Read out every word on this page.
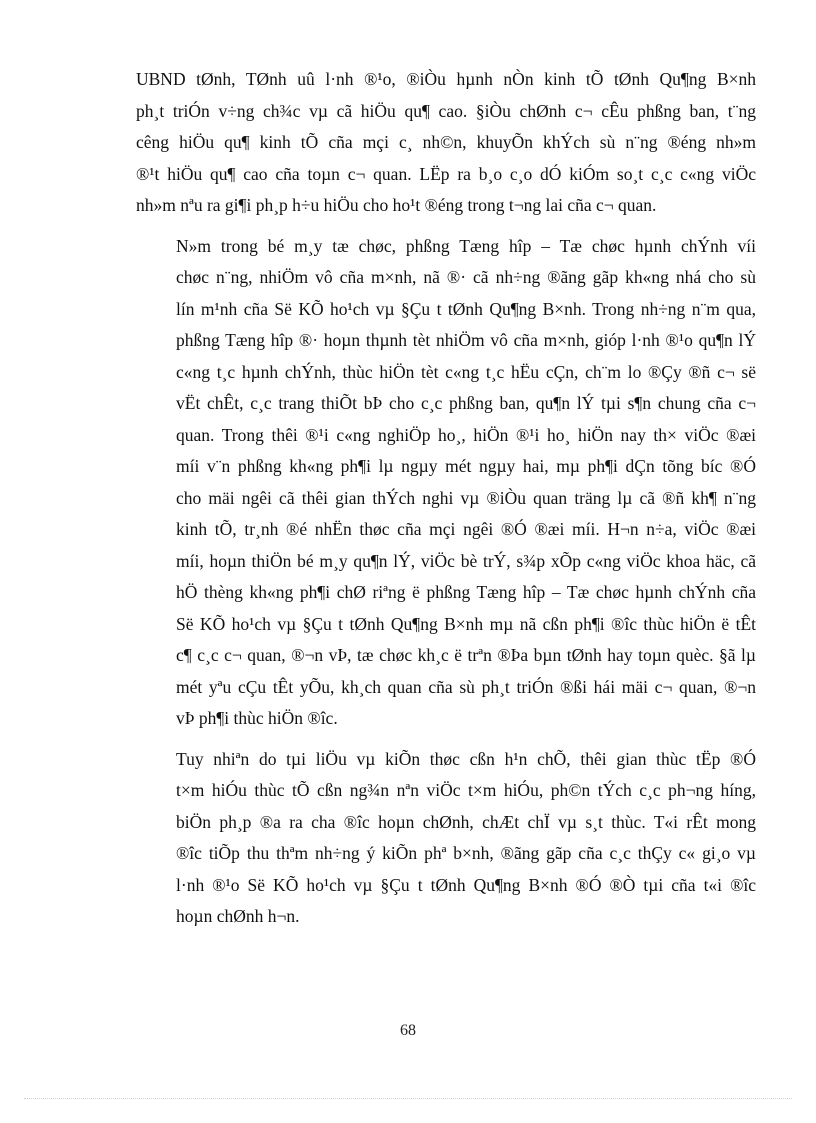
UBND tØnh, TØnh uû l·nh ®¹o, ®iÒu hµnh nÒn kinh tÕ tØnh Qu¶ng B×nh
ph¸t triÓn v÷ng ch¾c vµ cã hiÖu qu¶ cao. §iÒu chØnh c¬ cÊu phßng ban, t¨ng
cêng hiÖu qu¶ kinh tÕ cña mçi c¸ nh©n, khuyÕn khÝch sù n¨ng ®éng nh»m
®¹t hiÖu qu¶ cao cña toµn c¬ quan. LËp ra b¸o c¸o dÓ kiÓm so¸t c¸c c«ng viÖc
nh»m nªu ra gi¶i ph¸p h÷u hiÖu cho ho¹t ®éng trong t¬ng lai cña c¬ quan.

N»m trong bé m¸y tæ chøc, phßng Tæng hîp – Tæ chøc hµnh chÝnh víi
chøc n¨ng, nhiÖm vô cña m×nh, nã ®· cã nh÷ng ®ãng gãp kh«ng nhá cho sù
lín m¹nh cña Së KÕ ho¹ch vµ §Çu t tØnh Qu¶ng B×nh. Trong nh÷ng n¨m qua,
phßng Tæng hîp ®· hoµn thµnh tèt nhiÖm vô cña m×nh, gióp l·nh ®¹o qu¶n lÝ
c«ng t¸c hµnh chÝnh, thùc hiÖn tèt c«ng t¸c hËu cÇn, ch¨m lo ®Çy ®ñ c¬ së
vËt chÊt, c¸c trang thiÕt bÞ cho c¸c phßng ban, qu¶n lÝ tµi s¶n chung cña c¬
quan. Trong thêi ®¹i c«ng nghiÖp ho¸, hiÖn ®¹i ho¸ hiÖn nay th× viÖc ®æi
míi v¨n phßng kh«ng ph¶i lµ ngµy mét ngµy hai, mµ ph¶i dÇn tõng bíc ®Ó
cho mäi ngêi cã thêi gian thÝch nghi vµ ®iÒu quan träng lµ cã ®ñ kh¶ n¨ng
kinh tÕ, tr¸nh ®é nhËn thøc cña mçi ngêi ®Ó ®æi míi. H¬n n÷a, viÖc ®æi
míi, hoµn thiÖn bé m¸y qu¶n lÝ, viÖc bè trÝ, s¾p xÕp c«ng viÖc khoa häc, cã
hÖ thèng kh«ng ph¶i chØ riªng ë phßng Tæng hîp – Tæ chøc hµnh chÝnh cña
Së KÕ ho¹ch vµ §Çu t tØnh Qu¶ng B×nh mµ nã cßn ph¶i ®îc thùc hiÖn ë tÊt
c¶ c¸c c¬ quan, ®¬n vÞ, tæ chøc kh¸c ë trªn ®Þa bµn tØnh hay toµn quèc. §ã lµ
mét yªu cÇu tÊt yÕu, kh¸ch quan cña sù ph¸t triÓn ®ßi hái mäi c¬ quan, ®¬n
vÞ ph¶i thùc hiÖn ®îc.

Tuy nhiªn do tµi liÖu vµ kiÕn thøc cßn h¹n chÕ, thêi gian thùc tËp ®Ó
t×m hiÓu thùc tÕ cßn ng¾n nªn viÖc t×m hiÓu, ph©n tÝch c¸c ph¬ng híng,
biÖn ph¸p ®a ra cha ®îc hoµn chØnh, chÆt chÏ vµ s¸t thùc. T«i rÊt mong
®îc tiÕp thu thªm nh÷ng ý kiÕn phª b×nh, ®ãng gãp cña c¸c thÇy c« gi¸o vµ
l·nh ®¹o Së KÕ ho¹ch vµ §Çu t tØnh Qu¶ng B×nh ®Ó ®Ò tµi cña t«i ®îc
hoµn chØnh h¬n.

68
